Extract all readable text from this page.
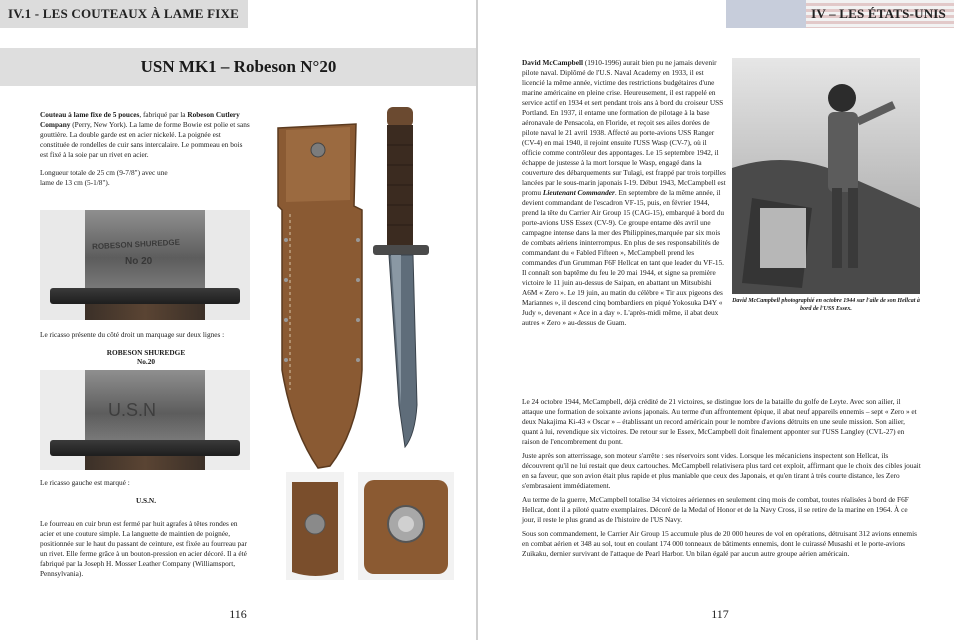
IV.1 - LES COUTEAUX À LAME FIXE
USN MK1 – Robeson N°20

Couteau à lame fixe de 5 pouces, fabriqué par la Robeson Cutlery Company (Perry, New York). La lame de forme Bowie est polie et sans gouttière. La double garde est en acier nickelé. La poignée est constituée de rondelles de cuir sans intercalaire. Le pommeau en bois est fixé à la soie par un rivet en acier.

Longueur totale de 25 cm (9-7/8") avec une lame de 13 cm (5-1/8").

ROBESON SHUREDGE
No 20
Le ricasso présente du côté droit un marquage sur deux lignes :
ROBESON SHUREDGE
No.20
U.S.N
Le ricasso gauche est marqué :
U.S.N.
Le fourreau en cuir brun est fermé par huit agrafes à têtes rondes en acier et une couture simple. La languette de maintien de poignée, positionnée sur le haut du passant de ceinture, est fixée au fourreau par un rivet. Elle ferme grâce à un bouton-pression en acier décoré. Il a été fabriqué par la Joseph H. Mosser Leather Company (Williamsport, Pennsylvania).
116
IV – LES ÉTATS-UNIS

David McCampbell (1910-1996) aurait bien pu ne jamais devenir pilote naval. Diplômé de l'U.S. Naval Academy en 1933, il est licencié la même année, victime des restrictions budgétaires d'une marine américaine en pleine crise. Heureusement, il est rappelé en service actif en 1934 et sert pendant trois ans à bord du croiseur USS Portland. En 1937, il entame une formation de pilotage à la base aéronavale de Pensacola, en Floride, et reçoit ses ailes dorées de pilote naval le 21 avril 1938. Affecté au porte-avions USS Ranger (CV-4) en mai 1940, il rejoint ensuite l'USS Wasp (CV-7), où il officie comme contrôleur des appontages. Le 15 septembre 1942, il échappe de justesse à la mort lorsque le Wasp, engagé dans la couverture des débarquements sur Tulagi, est frappé par trois torpilles lancées par le sous-marin japonais I-19. Début 1943, McCampbell est promu Lieutenant Commander. En septembre de la même année, il devient commandant de l'escadron VF-15, puis, en février 1944, prend la tête du Carrier Air Group 15 (CAG-15), embarqué à bord du porte-avions USS Essex (CV-9). Ce groupe entame dès avril une campagne intense dans la mer des Philippines,marquée par six mois de combats aériens ininterrompus. En plus de ses responsabilités de commandant du « Fabled Fifteen », McCampbell prend les commandes d'un Grumman F6F Hellcat en tant que leader du VF-15. Il connaît son baptême du feu le 20 mai 1944, et signe sa première victoire le 11 juin au-dessus de Saipan, en abattant un Mitsubishi A6M « Zero ». Le 19 juin, au matin du célèbre « Tir aux pigeons des Mariannes », il descend cinq bombardiers en piqué Yokosuka D4Y « Judy », devenant « Ace in a day ». L'après-midi même, il abat deux autres « Zero » au-dessus de Guam.

David McCampbell photographié en octobre 1944 sur l'aile de son Hellcat à bord de l'USS Essex.

Le 24 octobre 1944, McCampbell, déjà crédité de 21 victoires, se distingue lors de la bataille du golfe de Leyte. Avec son ailier, il attaque une formation de soixante avions japonais. Au terme d'un affrontement épique, il abat neuf appareils ennemis – sept « Zero » et deux Nakajima Ki-43 « Oscar » – établissant un record américain pour le nombre d'avions détruits en une seule mission. Son ailier, quant à lui, revendique six victoires. De retour sur le Essex, McCampbell doit finalement apponter sur l'USS Langley (CVL-27) en raison de l'encombrement du pont.

Juste après son atterrissage, son moteur s'arrête : ses réservoirs sont vides. Lorsque les mécaniciens inspectent son Hellcat, ils découvrent qu'il ne lui restait que deux cartouches. McCampbell relativisera plus tard cet exploit, affirmant que le choix des cibles jouait en sa faveur, que son avion était plus rapide et plus maniable que ceux des Japonais, et qu'en tirant à très courte distance, les Zero s'embrasaient immédiatement.

Au terme de la guerre, McCampbell totalise 34 victoires aériennes en seulement cinq mois de combat, toutes réalisées à bord de F6F Hellcat, dont il a piloté quatre exemplaires. Décoré de la Medal of Honor et de la Navy Cross, il se retire de la marine en 1964. À ce jour, il reste le plus grand as de l'histoire de l'US Navy.

Sous son commandement, le Carrier Air Group 15 accumule plus de 20 000 heures de vol en opérations, détruisant 312 avions ennemis en combat aérien et 348 au sol, tout en coulant 174 000 tonneaux de bâtiments ennemis, dont le cuirassé Musashi et le porte-avions Zuikaku, dernier survivant de l'attaque de Pearl Harbor. Un bilan égalé par aucun autre groupe aérien américain.

117
